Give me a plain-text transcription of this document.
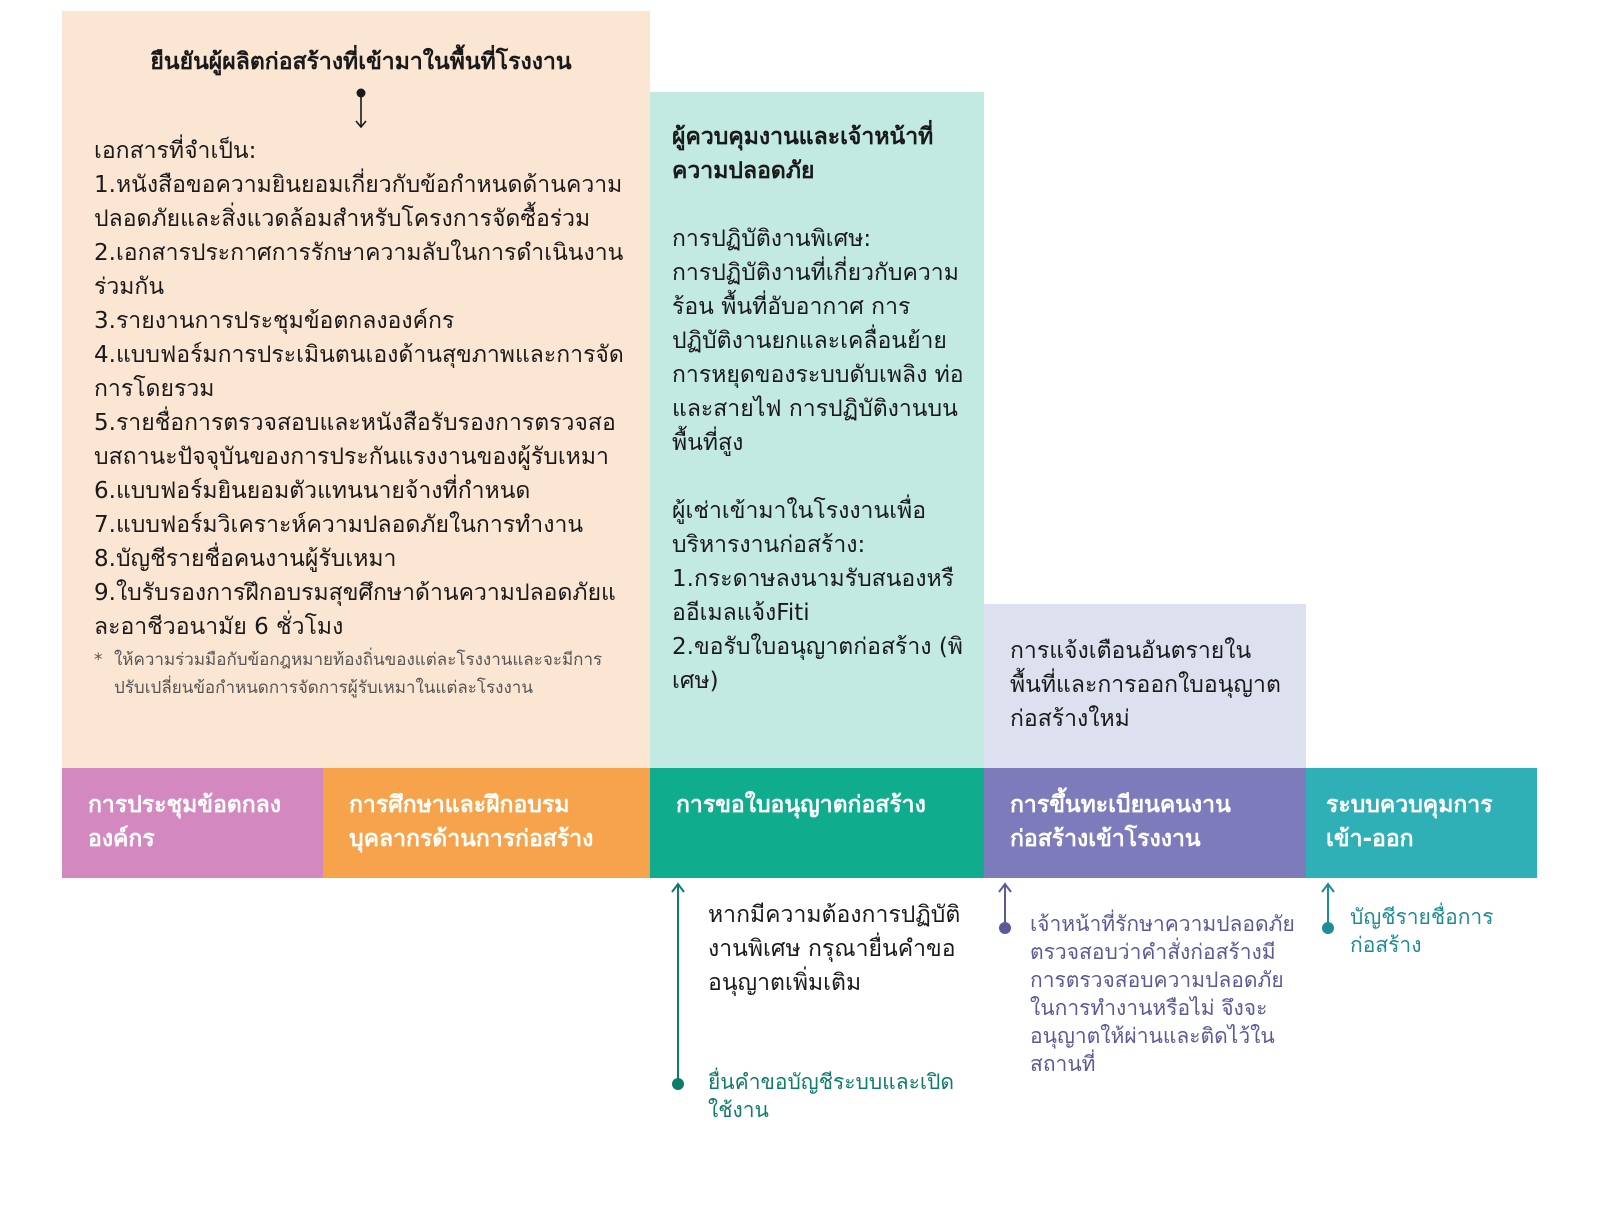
ยืนยันผู้ผลิตก่อสร้างที่เข้ามาในพื้นที่โรงงาน
เอกสารที่จำเป็น:
1.หนังสือขอความยินยอมเกี่ยวกับข้อกำหนดด้านความปลอดภัยและสิ่งแวดล้อมสำหรับโครงการจัดซื้อร่วม
2.เอกสารประกาศการรักษาความลับในการดำเนินงานร่วมกัน
3.รายงานการประชุมข้อตกลงองค์กร
4.แบบฟอร์มการประเมินตนเองด้านสุขภาพและการจัดการโดยรวม
5.รายชื่อการตรวจสอบและหนังสือรับรองการตรวจสอบสถานะปัจจุบันของการประกันแรงงานของผู้รับเหมา
6.แบบฟอร์มยินยอมตัวแทนนายจ้างที่กำหนด
7.แบบฟอร์มวิเคราะห์ความปลอดภัยในการทำงาน
8.บัญชีรายชื่อคนงานผู้รับเหมา
9.ใบรับรองการฝึกอบรมสุขศึกษาด้านความปลอดภัยและอาชีวอนามัย 6 ชั่วโมง
* ให้ความร่วมมือกับข้อกฎหมายท้องถิ่นของแต่ละโรงงานและจะมีการปรับเปลี่ยนข้อกำหนดการจัดการผู้รับเหมาในแต่ละโรงงาน
ผู้ควบคุมงานและเจ้าหน้าที่ความปลอดภัย
การปฏิบัติงานพิเศษ:
การปฏิบัติงานที่เกี่ยวกับความร้อน พื้นที่อับอากาศ การปฏิบัติงานยกและเคลื่อนย้าย การหยุดของระบบดับเพลิง ท่อและสายไฟ การปฏิบัติงานบนพื้นที่สูง
ผู้เช่าเข้ามาในโรงงานเพื่อบริหารงานก่อสร้าง:
1.กระดาษลงนามรับสนองหรืออีเมลแจ้งFiti
2.ขอรับใบอนุญาตก่อสร้าง (พิเศษ)
การแจ้งเตือนอันตรายในพื้นที่และการออกใบอนุญาตก่อสร้างใหม่
การประชุมข้อตกลงองค์กร
การศึกษาและฝึกอบรมบุคลากรด้านการก่อสร้าง
การขอใบอนุญาตก่อสร้าง	การขึ้นทะเบียนคนงานก่อสร้างเข้าโรงงาน
ระบบควบคุมการเข้า-ออก
หากมีความต้องการปฏิบัติงานพิเศษ กรุณายื่นคำขออนุญาตเพิ่มเติม
ยื่นคำขอบัญชีระบบและเปิดใช้งาน
เจ้าหน้าที่รักษาความปลอดภัยตรวจสอบว่าคำสั่งก่อสร้างมีการตรวจสอบความปลอดภัยในการทำงานหรือไม่ จึงจะอนุญาตให้ผ่านและติดไว้ในสถานที่
บัญชีรายชื่อการก่อสร้าง
